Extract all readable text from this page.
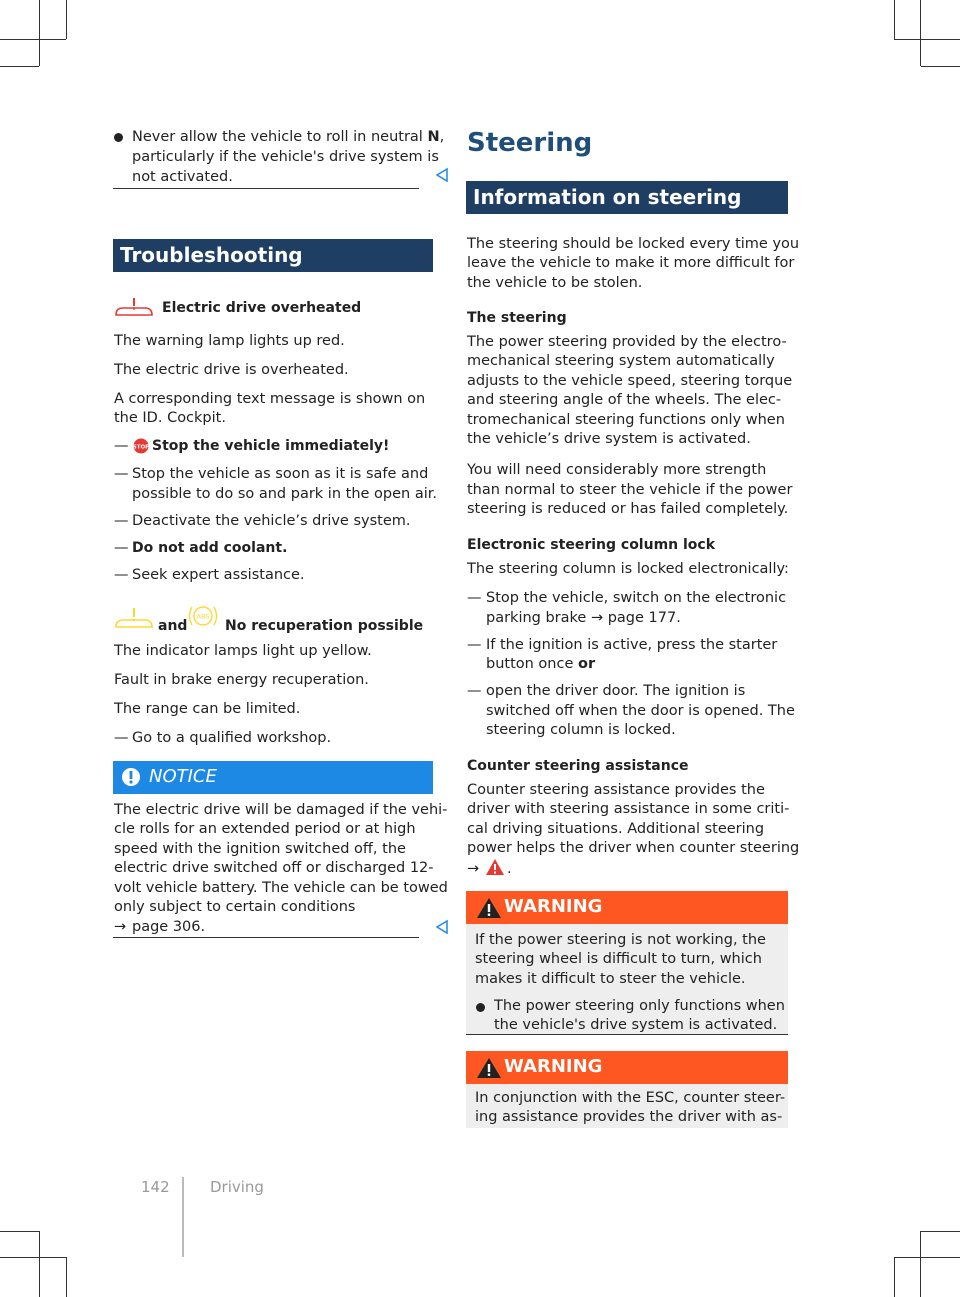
Never allow the vehicle to roll in neutral N,

particularly if the vehicle's drive system is

not activated.

Troubleshooting

Electric drive overheated

The warning lamp lights up red.

The electric drive is overheated.

A corresponding text message is shown on

the ID. Cockpit.

— STOP Stop the vehicle immediately!

— Stop the vehicle as soon as it is safe and

possible to do so and park in the open air.

— Deactivate the vehicle’s drive system.

— Do not add coolant.

— Seek expert assistance.

and
ABS

No recuperation possible

The indicator lamps light up yellow.

Fault in brake energy recuperation.

The range can be limited.

— Go to a qualified workshop.

NOTICE

The electric drive will be damaged if the vehi-

cle rolls for an extended period or at high

speed with the ignition switched off, the

electric drive switched off or discharged 12-

volt vehicle battery. The vehicle can be towed

only subject to certain conditions

→ page 306.
Steering
Information on steering

The steering should be locked every time you

leave the vehicle to make it more difficult for

the vehicle to be stolen.

The steering

The power steering provided by the electro-

mechanical steering system automatically

adjusts to the vehicle speed, steering torque

and steering angle of the wheels. The elec-

tromechanical steering functions only when

the vehicle’s drive system is activated.

You will need considerably more strength

than normal to steer the vehicle if the power

steering is reduced or has failed completely.

Electronic steering column lock

The steering column is locked electronically:

— Stop the vehicle, switch on the electronic

parking brake → page 177.

— If the ignition is active, press the starter

button once or

— open the driver door. The ignition is

switched off when the door is opened. The

steering column is locked.

Counter steering assistance

Counter steering assistance provides the

driver with steering assistance in some criti-

cal driving situations. Additional steering

power helps the driver when counter steering

→ .
WARNING

If the power steering is not working, the

steering wheel is difficult to turn, which

makes it difficult to steer the vehicle.

The power steering only functions when

the vehicle's drive system is activated.

WARNING

In conjunction with the ESC, counter steer-

ing assistance provides the driver with as-

142	Driving
